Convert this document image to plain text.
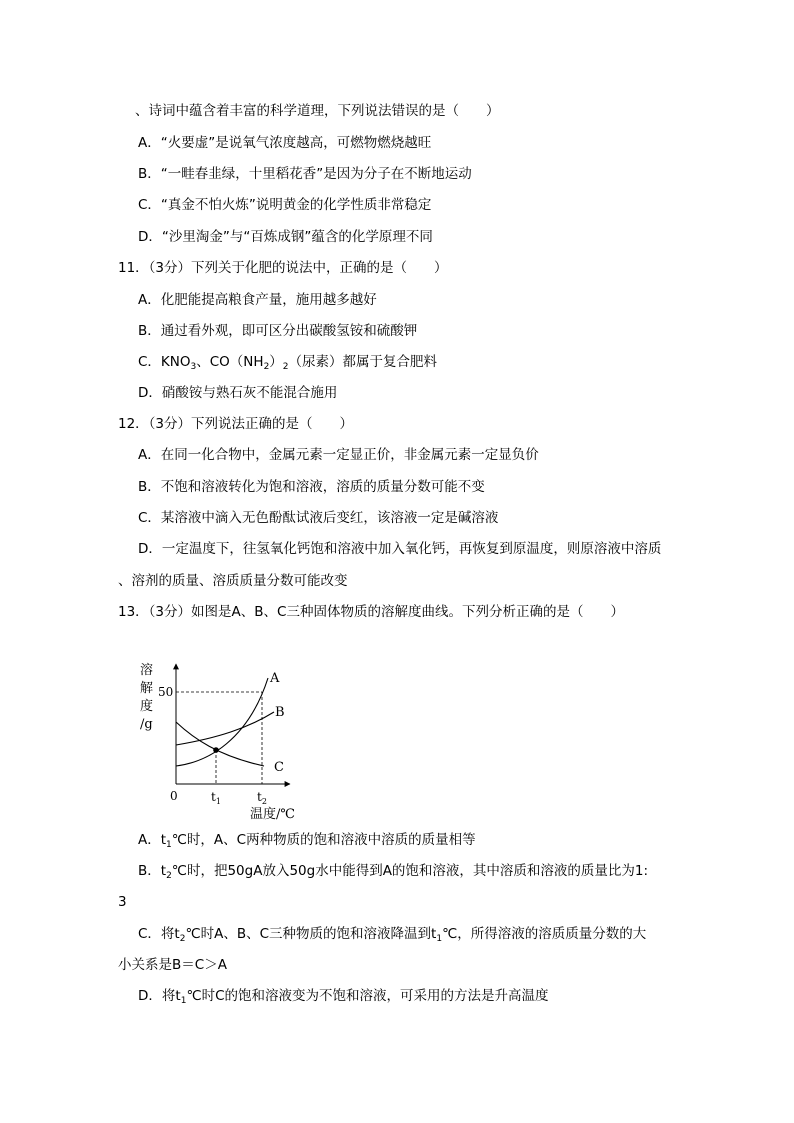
、诗词中蕴含着丰富的科学道理，下列说法错误的是（　　）
A．“火要虚”是说氧气浓度越高，可燃物燃烧越旺
B．“一畦春韭绿，十里稻花香”是因为分子在不断地运动
C．“真金不怕火炼”说明黄金的化学性质非常稳定
D．“沙里淘金”与“百炼成钢”蕴含的化学原理不同
11．（3分）下列关于化肥的说法中，正确的是（　　）
A．化肥能提高粮食产量，施用越多越好
B．通过看外观，即可区分出碳酸氢铵和硫酸钾
C．$KNO_3$、$CO(NH_2)_2$（尿素）都属于复合肥料
D．硝酸铵与熟石灰不能混合施用
12．（3分）下列说法正确的是（　　）
A．在同一化合物中，金属元素一定显正价，非金属元素一定显负价
B．不饱和溶液转化为饱和溶液，溶质的质量分数可能不变
C．某溶液中滴入无色酚酞试液后变红，该溶液一定是碱溶液
D．一定温度下，往氢氧化钙饱和溶液中加入氧化钙，再恢复到原温度，则原溶液中溶质
、溶剂的质量、溶质质量分数可能改变
13．（3分）如图是A、B、C三种固体物质的溶解度曲线。下列分析正确的是（　　）
溶
解
度
/g
50
0	$t_1$	$t_2$
温度/℃
A
B
C
A．$t_1℃$时，A、C两种物质的饱和溶液中溶质的质量相等
B．$t_2℃$时，把50gA放入50g水中能得到A的饱和溶液，其中溶质和溶液的质量比为1:
3
C．将$t_2℃$时A、B、C三种物质的饱和溶液降温到$t_1℃$，所得溶液的溶质质量分数的大
小关系是B＝C＞A
D．将$t_1℃$时C的饱和溶液变为不饱和溶液，可采用的方法是升高温度
